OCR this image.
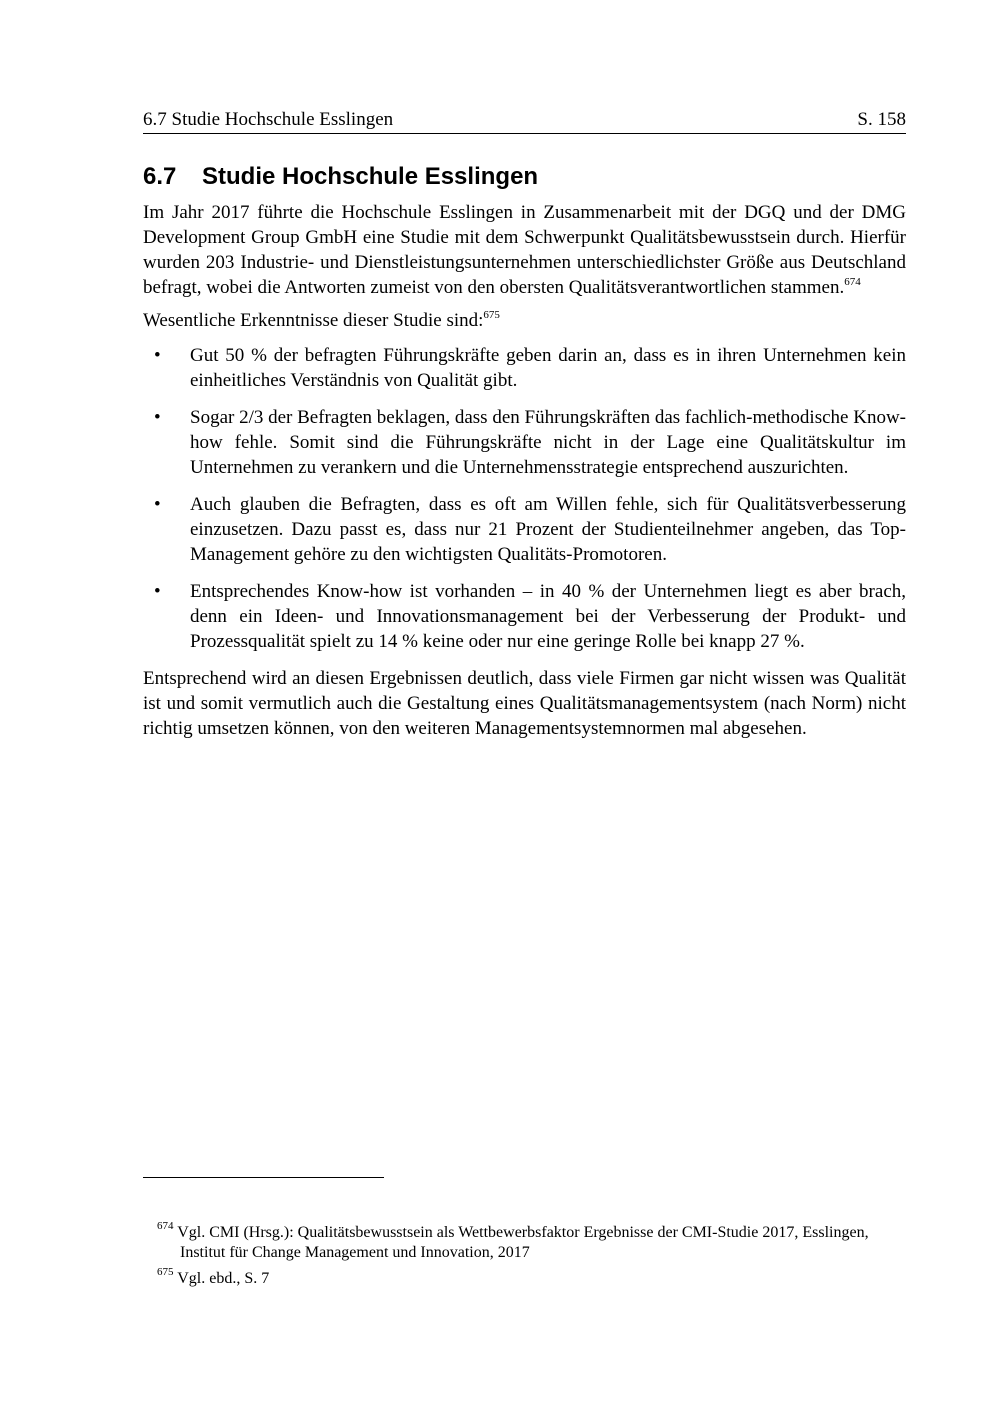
6.7 Studie Hochschule Esslingen	S. 158
6.7 Studie Hochschule Esslingen

Im Jahr 2017 führte die Hochschule Esslingen in Zusammenarbeit mit der DGQ und der DMG Development Group GmbH eine Studie mit dem Schwerpunkt Qualitätsbewusstsein durch. Hierfür wurden 203 Industrie- und Dienstleistungsunternehmen unterschiedlichster Größe aus Deutschland befragt, wobei die Antworten zumeist von den obersten Qualitätsverantwortlichen stammen.$^{674}$

Wesentliche Erkenntnisse dieser Studie sind:$^{675}$

• Gut 50 % der befragten Führungskräfte geben darin an, dass es in ihren Unternehmen kein einheitliches Verständnis von Qualität gibt.
• Sogar 2/3 der Befragten beklagen, dass den Führungskräften das fachlich-methodische Know-how fehle. Somit sind die Führungskräfte nicht in der Lage eine Qualitätskultur im Unternehmen zu verankern und die Unternehmensstrategie entsprechend auszurichten.
• Auch glauben die Befragten, dass es oft am Willen fehle, sich für Qualitätsverbesserung einzusetzen. Dazu passt es, dass nur 21 Prozent der Studienteilnehmer angeben, das Top-Management gehöre zu den wichtigsten Qualitäts-Promotoren.
• Entsprechendes Know-how ist vorhanden – in 40 % der Unternehmen liegt es aber brach, denn ein Ideen- und Innovationsmanagement bei der Verbesserung der Produkt- und Prozessqualität spielt zu 14 % keine oder nur eine geringe Rolle bei knapp 27 %.

Entsprechend wird an diesen Ergebnissen deutlich, dass viele Firmen gar nicht wissen was Qualität ist und somit vermutlich auch die Gestaltung eines Qualitätsmanagementsystem (nach Norm) nicht richtig umsetzen können, von den weiteren Managementsystemnormen mal abgesehen.

$^{674}$ Vgl. CMI (Hrsg.): Qualitätsbewusstsein als Wettbewerbsfaktor Ergebnisse der CMI-Studie 2017, Esslingen,
Institut für Change Management und Innovation, 2017
$^{675}$ Vgl. ebd., S. 7
